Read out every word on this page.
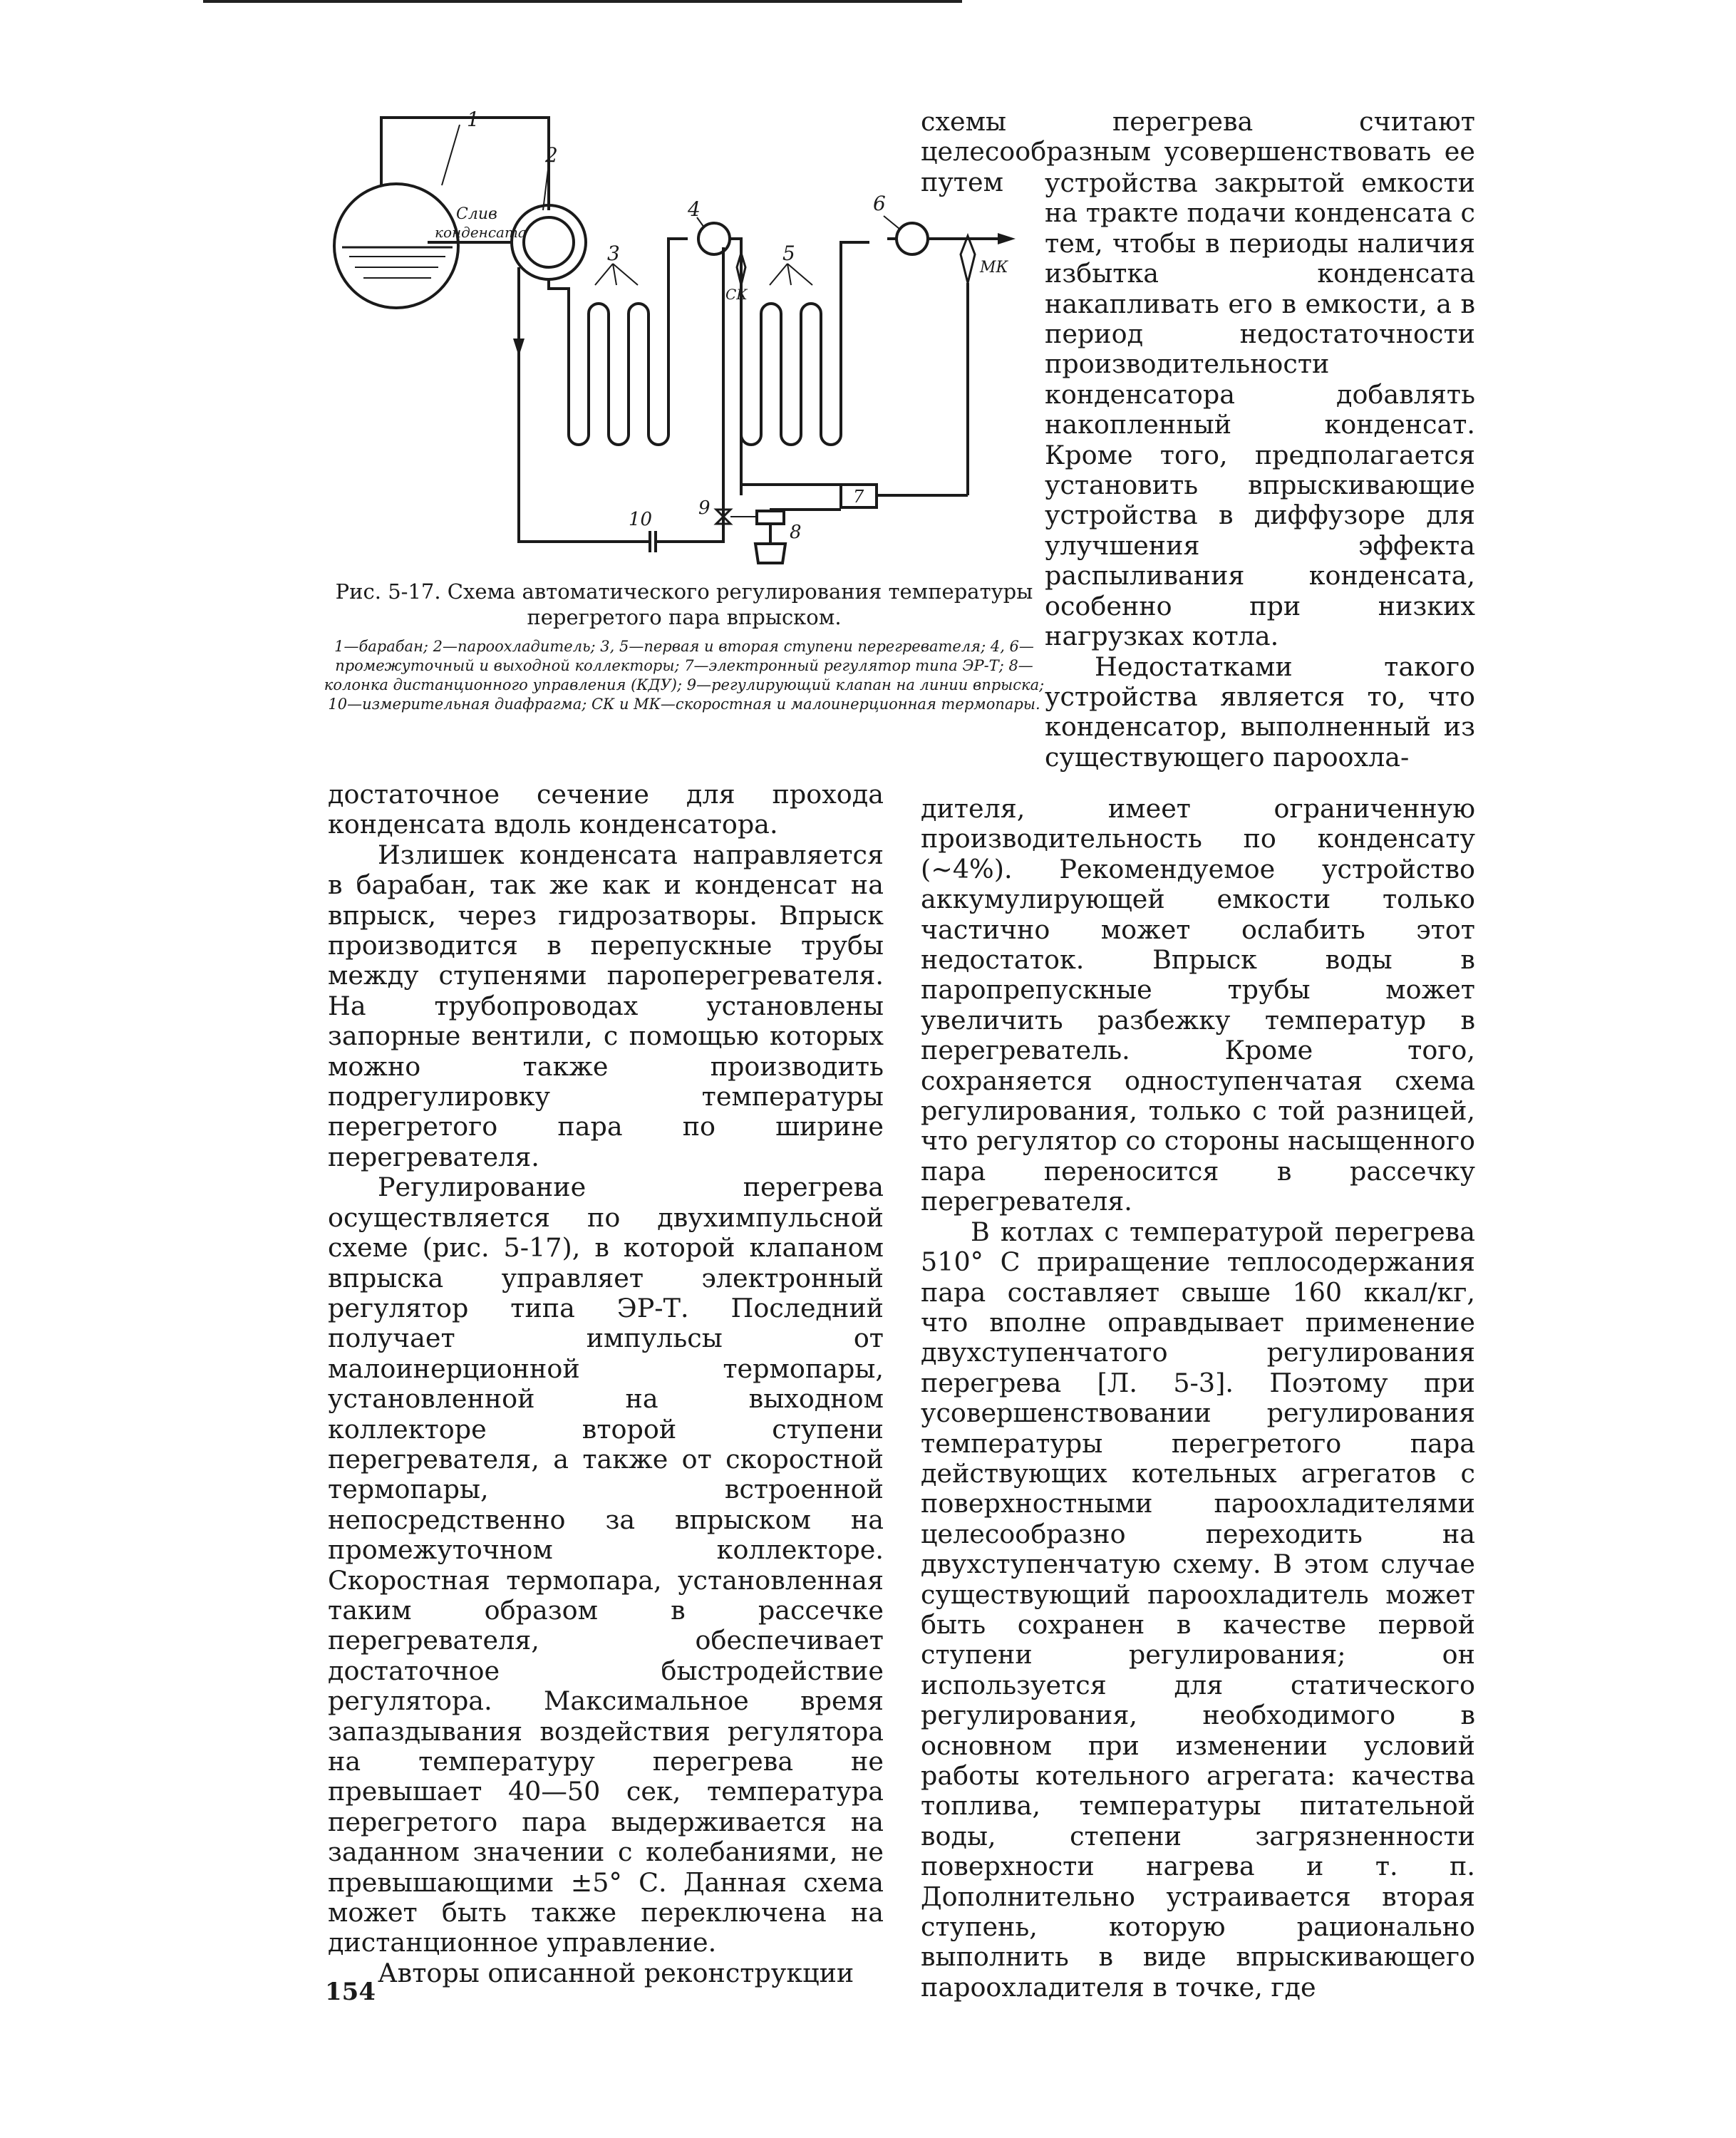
1
2
3
4
5
6
7
8
9
10
Слив
конденсата
СК
МК

Рис. 5-17. Схема автоматического регулирования температуры перегретого пара впрыском.

1—барабан; 2—пароохладитель; 3, 5—первая и вторая ступени перегревателя; 4, 6—промежуточный и выходной коллекторы; 7—электронный регулятор типа ЭР-Т; 8—колонка дистанционного управления (КДУ); 9—регулирующий клапан на линии впрыска; 10—измерительная диафрагма; СК и МК—скоростная и малоинерционная термопары.

схемы перегрева считают целесообразным усовершенствовать ее путем	устройства закрытой емкости на тракте подачи конденсата с тем, чтобы в периоды наличия избытка конденсата накапливать его в емкости, а в период недостаточности производительности конденсатора добавлять накопленный конденсат. Кроме того, предполагается установить впрыскивающие устройства в диффузоре для улучшения эффекта распыливания конденсата, особенно при низких нагрузках котла.

Недостатками такого устройства является то, что конденсатор, выполненный из существующего пароохла-

достаточное сечение для прохода конденсата вдоль конденсатора.

Излишек конденсата направляется в барабан, так же как и конденсат на впрыск, через гидрозатворы. Впрыск производится в перепускные трубы между ступенями пароперегревателя. На трубопроводах установлены запорные вентили, с помощью которых можно также производить подрегулировку температуры перегретого пара по ширине перегревателя.

Регулирование перегрева осуществляется по двухимпульсной схеме (рис. 5-17), в которой клапаном впрыска управляет электронный регулятор типа ЭР-Т. Последний получает импульсы от малоинерционной термопары, установленной на выходном коллекторе второй ступени перегревателя, а также от скоростной термопары, встроенной непосредственно за впрыском на промежуточном коллекторе. Скоростная термопара, установленная таким образом в рассечке перегревателя, обеспечивает достаточное быстродействие регулятора. Максимальное время запаздывания воздействия регулятора на температуру перегрева не превышает 40—50 сек, температура перегретого пара выдерживается на заданном значении с колебаниями, не превышающими ±5° С. Данная схема может быть также переключена на дистанционное управление.

Авторы описанной реконструкции

дителя, имеет ограниченную производительность по конденсату (~4%). Рекомендуемое устройство аккумулирующей емкости только частично может ослабить этот недостаток. Впрыск воды в паропрепускные трубы может увеличить разбежку температур в перегреватель. Кроме того, сохраняется одноступенчатая схема регулирования, только с той разницей, что регулятор со стороны насыщенного пара переносится в рассечку перегревателя.

В котлах с температурой перегрева 510° С приращение теплосодержания пара составляет свыше 160 ккал/кг, что вполне оправдывает применение двухступенчатого регулирования перегрева [Л. 5-3]. Поэтому при усовершенствовании регулирования температуры перегретого пара действующих котельных агрегатов с поверхностными пароохладителями целесообразно переходить на двухступенчатую схему. В этом случае существующий пароохладитель может быть сохранен в качестве первой ступени регулирования; он используется для статического регулирования, необходимого в основном при изменении условий работы котельного агрегата: качества топлива, температуры питательной воды, степени загрязненности поверхности нагрева и т. п. Дополнительно устраивается вторая ступень, которую рационально выполнить в виде впрыскивающего пароохладителя в точке, где

154
